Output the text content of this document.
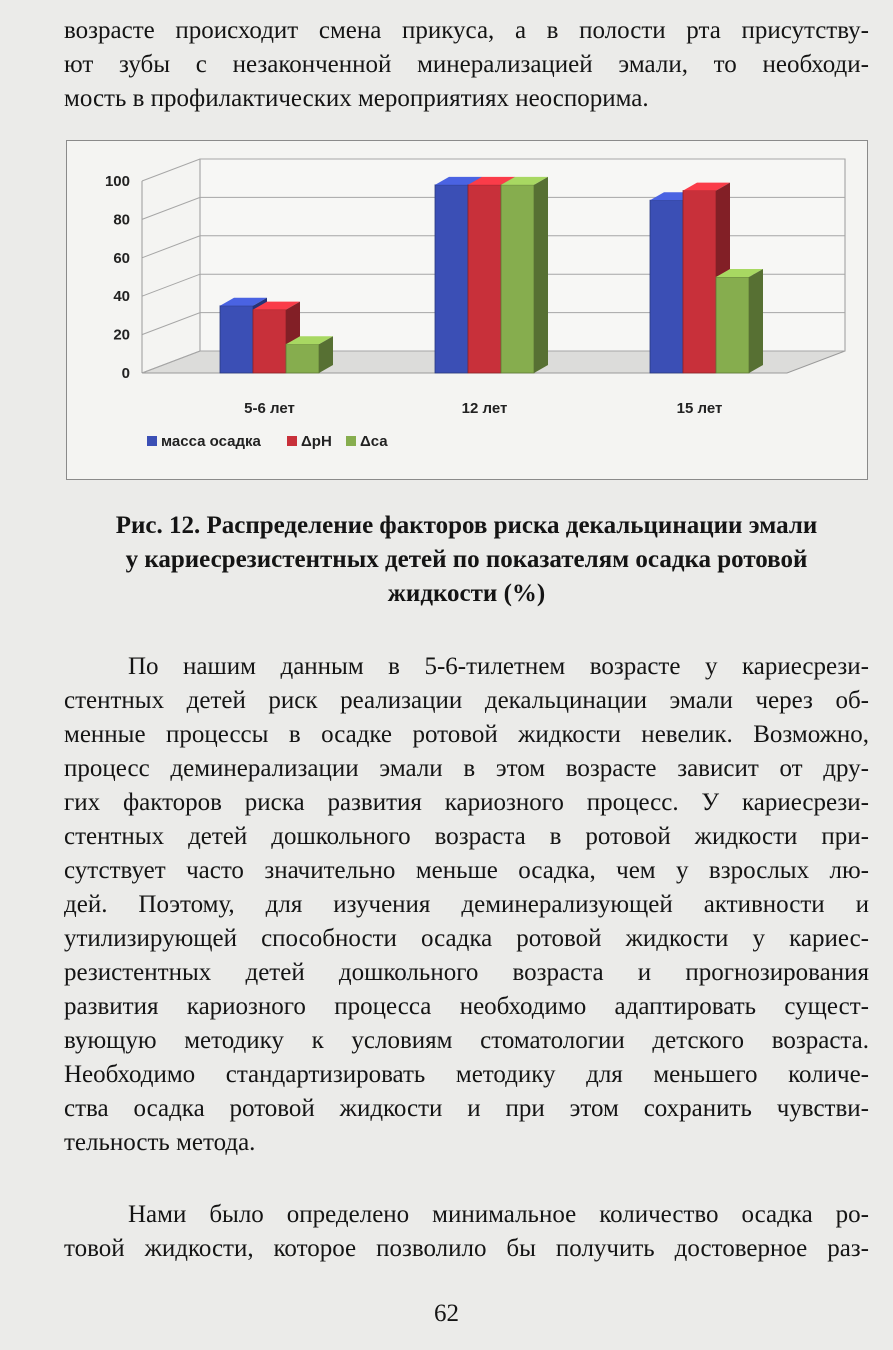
возрасте происходит смена прикуса, а в полости рта присутству-
ют зубы с незаконченной минерализацией эмали, то необходи-
мость в профилактических мероприятиях неоспорима.
0
20
40
60
80
100
5-6 лет	12 лет	15 лет
масса осадка	ΔpH Δса
Рис. 12. Распределение факторов риска декальцинации эмали
у кариесрезистентных детей по показателям осадка ротовой
жидкости (%)
По нашим данным в 5-6-тилетнем возрасте у кариесрези-
стентных детей риск реализации декальцинации эмали через об-
менные процессы в осадке ротовой жидкости невелик. Возможно,
процесс деминерализации эмали в этом возрасте зависит от дру-
гих факторов риска развития кариозного процесс. У кариесрези-
стентных детей дошкольного возраста в ротовой жидкости при-
сутствует часто значительно меньше осадка, чем у взрослых лю-
дей. Поэтому, для изучения деминерализующей активности и
утилизирующей способности осадка ротовой жидкости у кариес-
резистентных детей дошкольного возраста и прогнозирования
развития кариозного процесса необходимо адаптировать сущест-
вующую методику к условиям стоматологии детского возраста.
Необходимо стандартизировать методику для меньшего количе-
ства осадка ротовой жидкости и при этом сохранить чувстви-
тельность метода.
Нами было определено минимальное количество осадка ро-
товой жидкости, которое позволило бы получить достоверное раз-
62
